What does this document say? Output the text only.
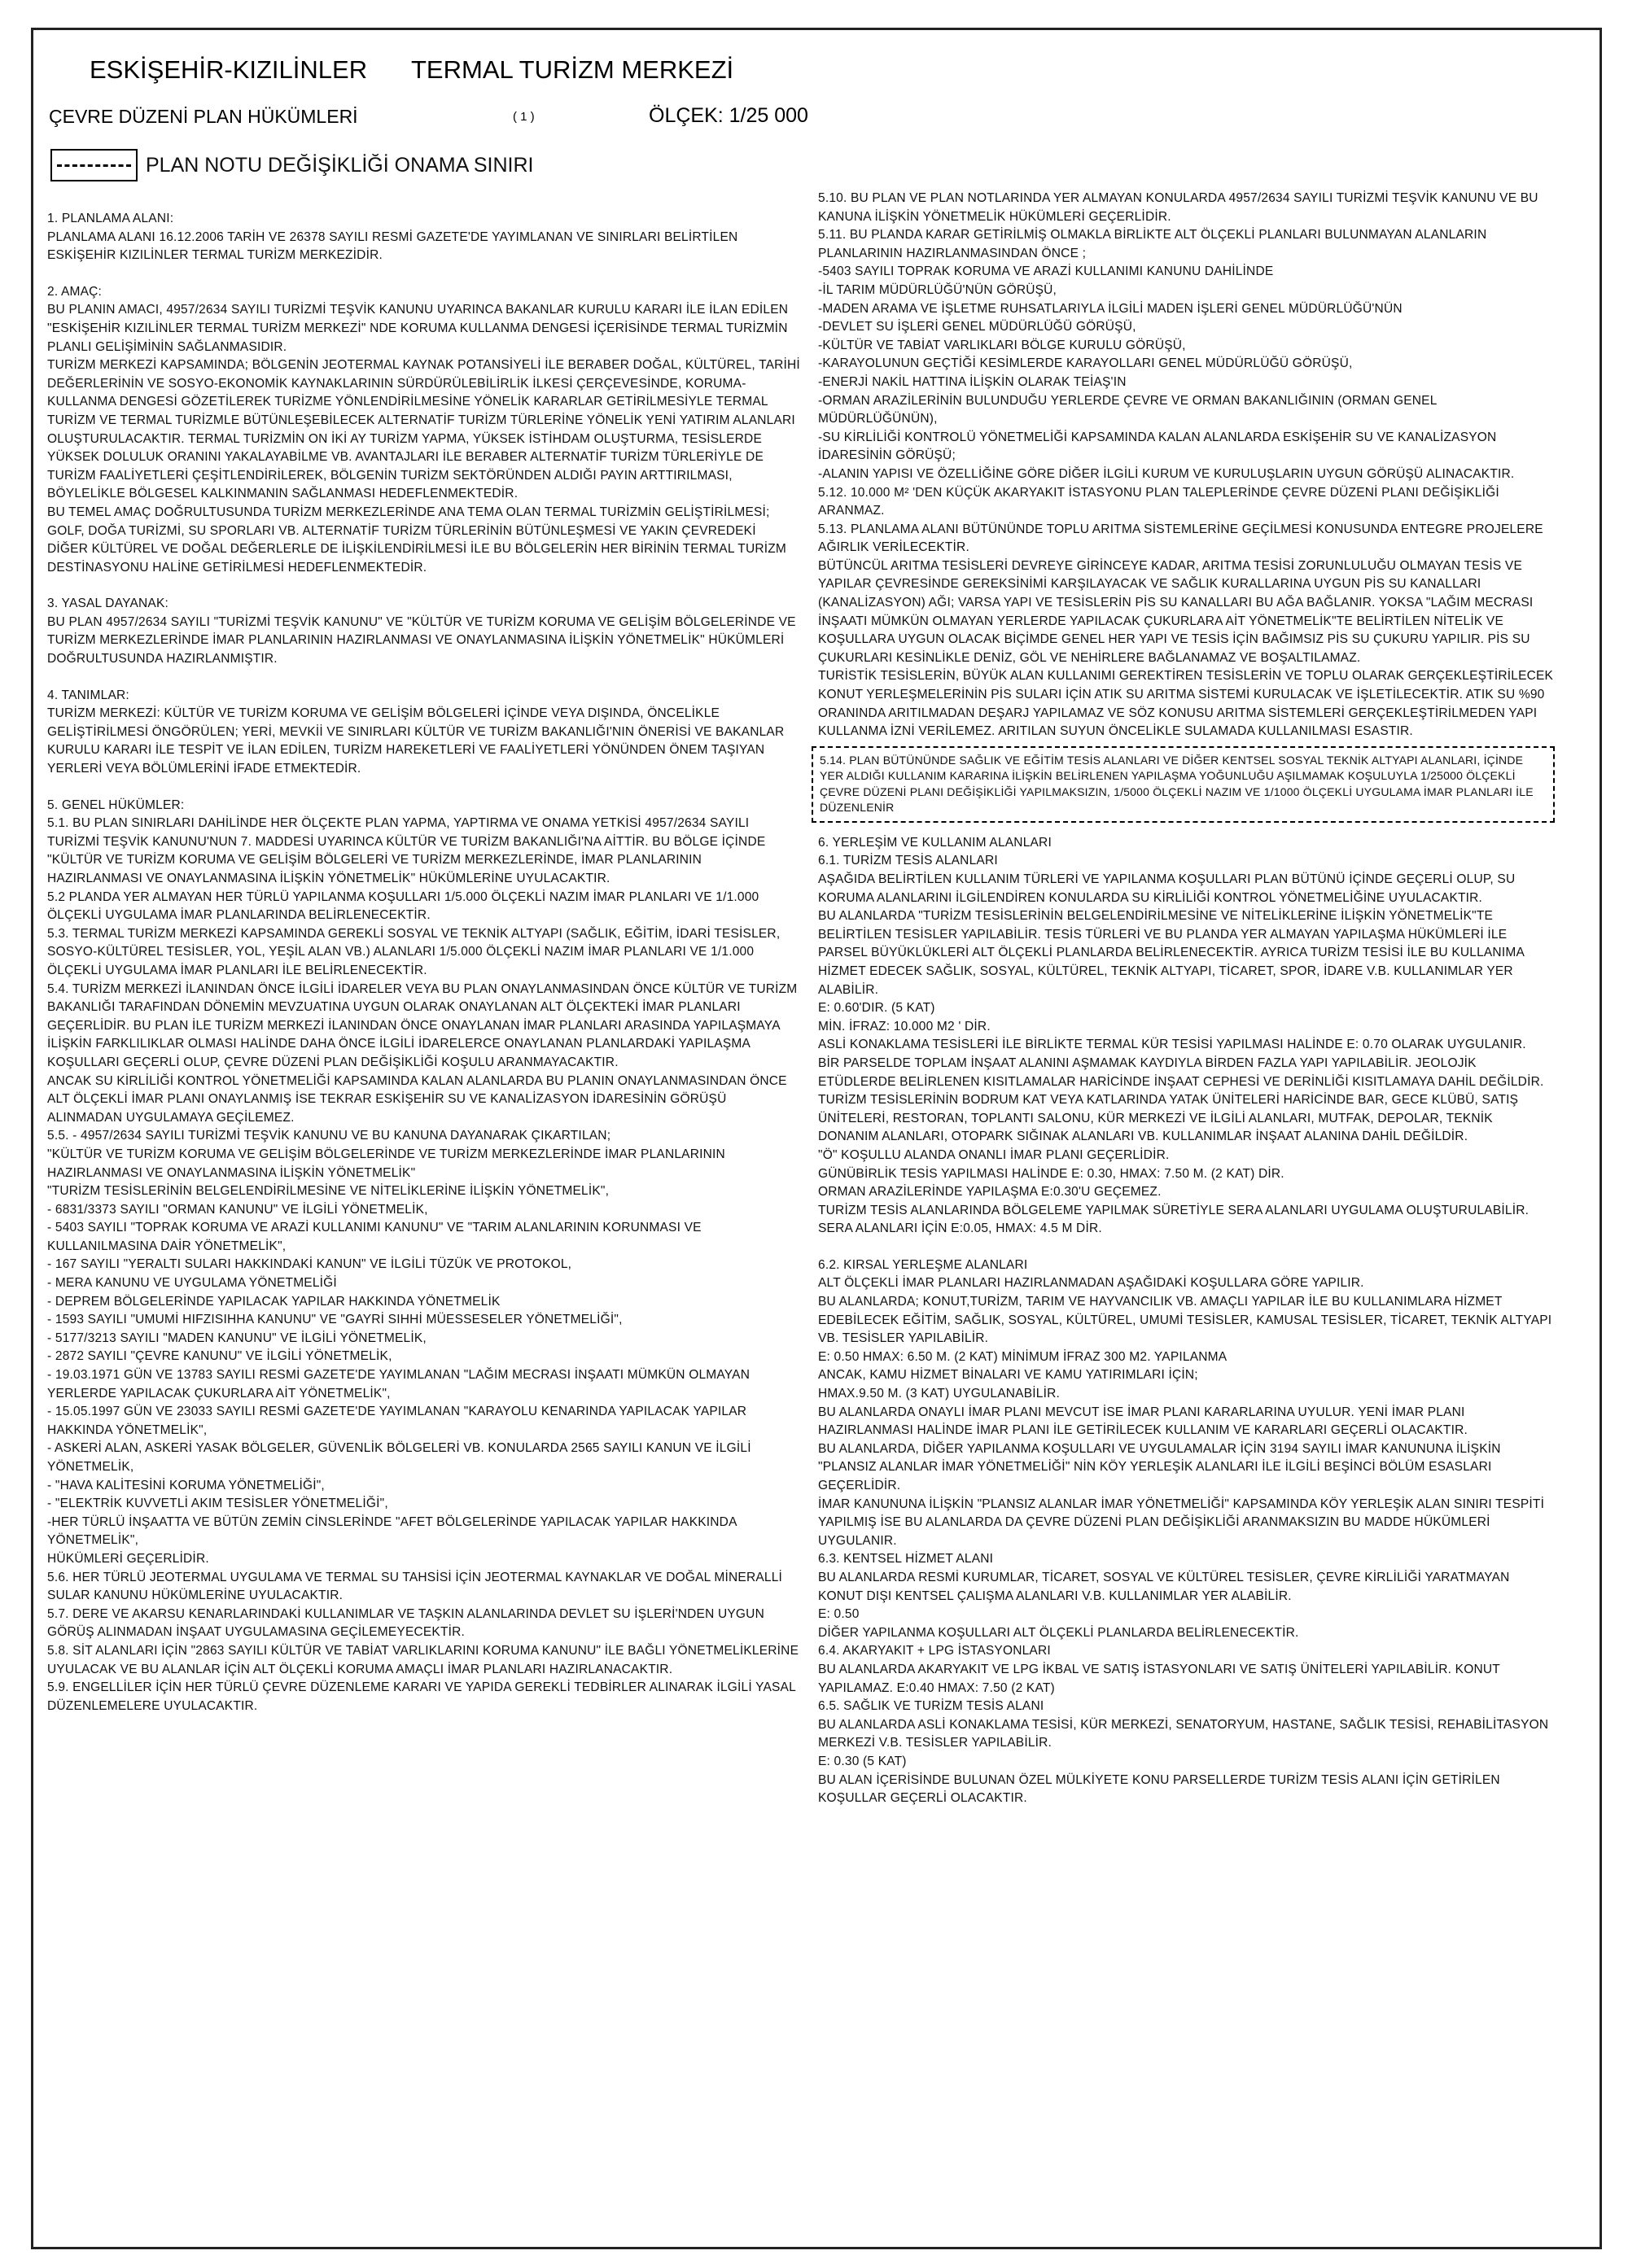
ESKİŞEHİR-KIZILİNLER TERMAL TURİZM MERKEZİ
ÇEVRE DÜZENİ PLAN HÜKÜMLERİ	( 1 )	ÖLÇEK: 1/25 000
PLAN NOTU DEĞİŞİKLİĞİ ONAMA SINIRI

1. PLANLAMA ALANI:

PLANLAMA ALANI 16.12.2006 TARİH VE 26378 SAYILI RESMİ GAZETE'DE YAYIMLANAN VE SINIRLARI BELİRTİLEN ESKİŞEHİR KIZILİNLER TERMAL TURİZM MERKEZİDİR.

2. AMAÇ:

BU PLANIN AMACI, 4957/2634 SAYILI TURİZMİ TEŞVİK KANUNU UYARINCA BAKANLAR KURULU KARARI İLE İLAN EDİLEN "ESKİŞEHİR KIZILİNLER TERMAL TURİZM MERKEZİ" NDE KORUMA KULLANMA DENGESİ İÇERİSİNDE TERMAL TURİZMİN PLANLI GELİŞİMİNİN SAĞLANMASIDIR.

TURİZM MERKEZİ KAPSAMINDA; BÖLGENİN JEOTERMAL KAYNAK POTANSİYELİ İLE BERABER DOĞAL, KÜLTÜREL, TARİHİ DEĞERLERİNİN VE SOSYO-EKONOMİK KAYNAKLARININ SÜRDÜRÜLEBİLİRLİK İLKESİ ÇERÇEVESİNDE, KORUMA-KULLANMA DENGESİ GÖZETİLEREK TURİZME YÖNLENDİRİLMESİNE YÖNELİK KARARLAR GETİRİLMESİYLE TERMAL TURİZM VE TERMAL TURİZMLE BÜTÜNLEŞEBİLECEK ALTERNATİF TURİZM TÜRLERİNE YÖNELİK YENİ YATIRIM ALANLARI OLUŞTURULACAKTIR. TERMAL TURİZMİN ON İKİ AY TURİZM YAPMA, YÜKSEK İSTİHDAM OLUŞTURMA, TESİSLERDE YÜKSEK DOLULUK ORANINI YAKALAYABİLME VB. AVANTAJLARI İLE BERABER ALTERNATİF TURİZM TÜRLERİYLE DE TURİZM FAALİYETLERİ ÇEŞİTLENDİRİLEREK, BÖLGENİN TURİZM SEKTÖRÜNDEN ALDIĞI PAYIN ARTTIRILMASI, BÖYLELİKLE BÖLGESEL KALKINMANIN SAĞLANMASI HEDEFLENMEKTEDİR.

BU TEMEL AMAÇ DOĞRULTUSUNDA TURİZM MERKEZLERİNDE ANA TEMA OLAN TERMAL TURİZMİN GELİŞTİRİLMESİ; GOLF, DOĞA TURİZMİ, SU SPORLARI VB. ALTERNATİF TURİZM TÜRLERİNİN BÜTÜNLEŞMESİ VE YAKIN ÇEVREDEKİ DİĞER KÜLTÜREL VE DOĞAL DEĞERLERLE DE İLİŞKİLENDİRİLMESİ İLE BU BÖLGELERİN HER BİRİNİN TERMAL TURİZM DESTİNASYONU HALİNE GETİRİLMESİ HEDEFLENMEKTEDİR.

3. YASAL DAYANAK:

BU PLAN 4957/2634 SAYILI "TURİZMİ TEŞVİK KANUNU" VE "KÜLTÜR VE TURİZM KORUMA VE GELİŞİM BÖLGELERİNDE VE TURİZM MERKEZLERİNDE İMAR PLANLARININ HAZIRLANMASI VE ONAYLANMASINA İLİŞKİN YÖNETMELİK" HÜKÜMLERİ DOĞRULTUSUNDA HAZIRLANMIŞTIR.

4. TANIMLAR:

TURİZM MERKEZİ: KÜLTÜR VE TURİZM KORUMA VE GELİŞİM BÖLGELERİ İÇİNDE VEYA DIŞINDA, ÖNCELİKLE GELİŞTİRİLMESİ ÖNGÖRÜLEN; YERİ, MEVKİİ VE SINIRLARI KÜLTÜR VE TURİZM BAKANLIĞI'NIN ÖNERİSİ VE BAKANLAR KURULU KARARI İLE TESPİT VE İLAN EDİLEN, TURİZM HAREKETLERİ VE FAALİYETLERİ YÖNÜNDEN ÖNEM TAŞIYAN YERLERİ VEYA BÖLÜMLERİNİ İFADE ETMEKTEDİR.

5. GENEL HÜKÜMLER:

5.1. BU PLAN SINIRLARI DAHİLİNDE HER ÖLÇEKTE PLAN YAPMA, YAPTIRMA VE ONAMA YETKİSİ 4957/2634 SAYILI TURİZMİ TEŞVİK KANUNU'NUN 7. MADDESİ UYARINCA KÜLTÜR VE TURİZM BAKANLIĞI'NA AİTTİR. BU BÖLGE İÇİNDE "KÜLTÜR VE TURİZM KORUMA VE GELİŞİM BÖLGELERİ VE TURİZM MERKEZLERİNDE, İMAR PLANLARININ HAZIRLANMASI VE ONAYLANMASINA İLİŞKİN YÖNETMELİK" HÜKÜMLERİNE UYULACAKTIR.

5.2 PLANDA YER ALMAYAN HER TÜRLÜ YAPILANMA KOŞULLARI 1/5.000 ÖLÇEKLİ NAZIM İMAR PLANLARI VE 1/1.000 ÖLÇEKLİ UYGULAMA İMAR PLANLARINDA BELİRLENECEKTİR.

5.3. TERMAL TURİZM MERKEZİ KAPSAMINDA GEREKLİ SOSYAL VE TEKNİK ALTYAPI (SAĞLIK, EĞİTİM, İDARİ TESİSLER, SOSYO-KÜLTÜREL TESİSLER, YOL, YEŞİL ALAN VB.) ALANLARI 1/5.000 ÖLÇEKLİ NAZIM İMAR PLANLARI VE 1/1.000 ÖLÇEKLİ UYGULAMA İMAR PLANLARI İLE BELİRLENECEKTİR.

5.4. TURİZM MERKEZİ İLANINDAN ÖNCE İLGİLİ İDARELER VEYA BU PLAN ONAYLANMASINDAN ÖNCE KÜLTÜR VE TURİZM BAKANLIĞI TARAFINDAN DÖNEMİN MEVZUATINA UYGUN OLARAK ONAYLANAN ALT ÖLÇEKTEKİ İMAR PLANLARI GEÇERLİDİR. BU PLAN İLE TURİZM MERKEZİ İLANINDAN ÖNCE ONAYLANAN İMAR PLANLARI ARASINDA YAPILAŞMAYA İLİŞKİN FARKLILIKLAR OLMASI HALİNDE DAHA ÖNCE İLGİLİ İDARELERCE ONAYLANAN PLANLARDAKİ YAPILAŞMA KOŞULLARI GEÇERLİ OLUP, ÇEVRE DÜZENİ PLAN DEĞİŞİKLİĞİ KOŞULU ARANMAYACAKTIR.

ANCAK SU KİRLİLİĞİ KONTROL YÖNETMELİĞİ KAPSAMINDA KALAN ALANLARDA BU PLANIN ONAYLANMASINDAN ÖNCE ALT ÖLÇEKLİ İMAR PLANI ONAYLANMIŞ İSE TEKRAR ESKİŞEHİR SU VE KANALİZASYON İDARESİNİN GÖRÜŞÜ ALINMADAN UYGULAMAYA GEÇİLEMEZ.

5.5. - 4957/2634 SAYILI TURİZMİ TEŞVİK KANUNU VE BU KANUNA DAYANARAK ÇIKARTILAN;

"KÜLTÜR VE TURİZM KORUMA VE GELİŞİM BÖLGELERİNDE VE TURİZM MERKEZLERİNDE İMAR PLANLARININ HAZIRLANMASI VE ONAYLANMASINA İLİŞKİN YÖNETMELİK"

"TURİZM TESİSLERİNİN BELGELENDİRİLMESİNE VE NİTELİKLERİNE İLİŞKİN YÖNETMELİK",

- 6831/3373 SAYILI "ORMAN KANUNU" VE İLGİLİ YÖNETMELİK,

- 5403 SAYILI "TOPRAK KORUMA VE ARAZİ KULLANIMI KANUNU" VE "TARIM ALANLARININ KORUNMASI VE KULLANILMASINA DAİR YÖNETMELİK",

- 167 SAYILI "YERALTI SULARI HAKKINDAKİ KANUN" VE İLGİLİ TÜZÜK VE PROTOKOL,

- MERA KANUNU VE UYGULAMA YÖNETMELİĞİ

- DEPREM BÖLGELERİNDE YAPILACAK YAPILAR HAKKINDA YÖNETMELİK

- 1593 SAYILI "UMUMİ HIFZISIHHA KANUNU" VE "GAYRİ SIHHİ MÜESSESELER YÖNETMELİĞİ",

- 5177/3213 SAYILI "MADEN KANUNU" VE İLGİLİ YÖNETMELİK,

- 2872 SAYILI "ÇEVRE KANUNU" VE İLGİLİ YÖNETMELİK,

- 19.03.1971 GÜN VE 13783 SAYILI RESMİ GAZETE'DE YAYIMLANAN "LAĞIM MECRASI İNŞAATI MÜMKÜN OLMAYAN YERLERDE YAPILACAK ÇUKURLARA AİT YÖNETMELİK",

- 15.05.1997 GÜN VE 23033 SAYILI RESMİ GAZETE'DE YAYIMLANAN "KARAYOLU KENARINDA YAPILACAK YAPILAR HAKKINDA YÖNETMELİK",

- ASKERİ ALAN, ASKERİ YASAK BÖLGELER, GÜVENLİK BÖLGELERİ VB. KONULARDA 2565 SAYILI KANUN VE İLGİLİ YÖNETMELİK,

- "HAVA KALİTESİNİ KORUMA YÖNETMELİĞİ",

- "ELEKTRİK KUVVETLİ AKIM TESİSLER YÖNETMELİĞİ",

-HER TÜRLÜ İNŞAATTA VE BÜTÜN ZEMİN CİNSLERİNDE "AFET BÖLGELERİNDE YAPILACAK YAPILAR HAKKINDA YÖNETMELİK",

HÜKÜMLERİ GEÇERLİDİR.

5.6. HER TÜRLÜ JEOTERMAL UYGULAMA VE TERMAL SU TAHSİSİ İÇİN JEOTERMAL KAYNAKLAR VE DOĞAL MİNERALLİ SULAR KANUNU HÜKÜMLERİNE UYULACAKTIR.

5.7. DERE VE AKARSU KENARLARINDAKİ KULLANIMLAR VE TAŞKIN ALANLARINDA DEVLET SU İŞLERİ'NDEN UYGUN GÖRÜŞ ALINMADAN İNŞAAT UYGULAMASINA GEÇİLEMEYECEKTİR.

5.8. SİT ALANLARI İÇİN "2863 SAYILI KÜLTÜR VE TABİAT VARLIKLARINI KORUMA KANUNU" İLE BAĞLI YÖNETMELİKLERİNE UYULACAK VE BU ALANLAR İÇİN ALT ÖLÇEKLİ KORUMA AMAÇLI İMAR PLANLARI HAZIRLANACAKTIR.

5.9. ENGELLİLER İÇİN HER TÜRLÜ ÇEVRE DÜZENLEME KARARI VE YAPIDA GEREKLİ TEDBİRLER ALINARAK İLGİLİ YASAL DÜZENLEMELERE UYULACAKTIR.

5.10. BU PLAN VE PLAN NOTLARINDA YER ALMAYAN KONULARDA 4957/2634 SAYILI TURİZMİ TEŞVİK KANUNU VE BU KANUNA İLİŞKİN YÖNETMELİK HÜKÜMLERİ GEÇERLİDİR.

5.11. BU PLANDA KARAR GETİRİLMİŞ OLMAKLA BİRLİKTE ALT ÖLÇEKLİ PLANLARI BULUNMAYAN ALANLARIN PLANLARININ HAZIRLANMASINDAN ÖNCE ;

-5403 SAYILI TOPRAK KORUMA VE ARAZİ KULLANIMI KANUNU DAHİLİNDE

-İL TARIM MÜDÜRLÜĞÜ'NÜN GÖRÜŞÜ,

-MADEN ARAMA VE İŞLETME RUHSATLARIYLA İLGİLİ MADEN İŞLERİ GENEL MÜDÜRLÜĞÜ'NÜN

-DEVLET SU İŞLERİ GENEL MÜDÜRLÜĞÜ GÖRÜŞÜ,

-KÜLTÜR VE TABİAT VARLIKLARI BÖLGE KURULU GÖRÜŞÜ,

-KARAYOLUNUN GEÇTİĞİ KESİMLERDE KARAYOLLARI GENEL MÜDÜRLÜĞÜ GÖRÜŞÜ,

-ENERJİ NAKİL HATTINA İLİŞKİN OLARAK TEİAŞ'IN

-ORMAN ARAZİLERİNİN BULUNDUĞU YERLERDE ÇEVRE VE ORMAN BAKANLIĞININ (ORMAN GENEL MÜDÜRLÜĞÜNÜN),

-SU KİRLİLİĞİ KONTROLÜ YÖNETMELİĞİ KAPSAMINDA KALAN ALANLARDA ESKİŞEHİR SU VE KANALİZASYON İDARESİNİN GÖRÜŞÜ;

-ALANIN YAPISI VE ÖZELLİĞİNE GÖRE DİĞER İLGİLİ KURUM VE KURULUŞLARIN UYGUN GÖRÜŞÜ ALINACAKTIR.

5.12. 10.000 M² 'DEN KÜÇÜK AKARYAKIT İSTASYONU PLAN TALEPLERİNDE ÇEVRE DÜZENİ PLANI DEĞİŞİKLİĞİ ARANMAZ.

5.13. PLANLAMA ALANI BÜTÜNÜNDE TOPLU ARITMA SİSTEMLERİNE GEÇİLMESİ KONUSUNDA ENTEGRE PROJELERE AĞIRLIK VERİLECEKTİR.

BÜTÜNCÜL ARITMA TESİSLERİ DEVREYE GİRİNCEYE KADAR, ARITMA TESİSİ ZORUNLULUĞU OLMAYAN TESİS VE YAPILAR ÇEVRESİNDE GEREKSİNİMİ KARŞILAYACAK VE SAĞLIK KURALLARINA UYGUN PİS SU KANALLARI (KANALİZASYON) AĞI; VARSA YAPI VE TESİSLERİN PİS SU KANALLARI BU AĞA BAĞLANIR. YOKSA "LAĞIM MECRASI İNŞAATI MÜMKÜN OLMAYAN YERLERDE YAPILACAK ÇUKURLARA AİT YÖNETMELİK"TE BELİRTİLEN NİTELİK VE KOŞULLARA UYGUN OLACAK BİÇİMDE GENEL HER YAPI VE TESİS İÇİN BAĞIMSIZ PİS SU ÇUKURU YAPILIR. PİS SU ÇUKURLARI KESİNLİKLE DENİZ, GÖL VE NEHİRLERE BAĞLANAMAZ VE BOŞALTILAMAZ.

TURİSTİK TESİSLERİN, BÜYÜK ALAN KULLANIMI GEREKTİREN TESİSLERİN VE TOPLU OLARAK GERÇEKLEŞTİRİLECEK KONUT YERLEŞMELERİNİN PİS SULARI İÇİN ATIK SU ARITMA SİSTEMİ KURULACAK VE İŞLETİLECEKTİR. ATIK SU %90 ORANINDA ARITILMADAN DEŞARJ YAPILAMAZ VE SÖZ KONUSU ARITMA SİSTEMLERİ GERÇEKLEŞTİRİLMEDEN YAPI KULLANMA İZNİ VERİLEMEZ. ARITILAN SUYUN ÖNCELİKLE SULAMADA KULLANILMASI ESASTIR.

5.14. PLAN BÜTÜNÜNDE SAĞLIK VE EĞİTİM TESİS ALANLARI VE DİĞER KENTSEL SOSYAL TEKNİK ALTYAPI ALANLARI, İÇİNDE YER ALDIĞI KULLANIM KARARINA İLİŞKİN BELİRLENEN YAPILAŞMA YOĞUNLUĞU AŞILMAMAK KOŞULUYLA 1/25000 ÖLÇEKLİ ÇEVRE DÜZENİ PLANI DEĞİŞİKLİĞİ YAPILMAKSIZIN, 1/5000 ÖLÇEKLİ NAZIM VE 1/1000 ÖLÇEKLİ UYGULAMA İMAR PLANLARI İLE DÜZENLENİR

6. YERLEŞİM VE KULLANIM ALANLARI

6.1. TURİZM TESİS ALANLARI

AŞAĞIDA BELİRTİLEN KULLANIM TÜRLERİ VE YAPILANMA KOŞULLARI PLAN BÜTÜNÜ İÇİNDE GEÇERLİ OLUP, SU KORUMA ALANLARINI İLGİLENDİREN KONULARDA SU KİRLİLİĞİ KONTROL YÖNETMELİĞİNE UYULACAKTIR.

BU ALANLARDA "TURİZM TESİSLERİNİN BELGELENDİRİLMESİNE VE NİTELİKLERİNE İLİŞKİN YÖNETMELİK"TE BELİRTİLEN TESİSLER YAPILABİLİR. TESİS TÜRLERİ VE BU PLANDA YER ALMAYAN YAPILAŞMA HÜKÜMLERİ İLE PARSEL BÜYÜKLÜKLERİ ALT ÖLÇEKLİ PLANLARDA BELİRLENECEKTİR. AYRICA TURİZM TESİSİ İLE BU KULLANIMA HİZMET EDECEK SAĞLIK, SOSYAL, KÜLTÜREL, TEKNİK ALTYAPI, TİCARET, SPOR, İDARE V.B. KULLANIMLAR YER ALABİLİR.

E: 0.60'DIR. (5 KAT)

MİN. İFRAZ: 10.000 M2 ' DİR.

ASLİ KONAKLAMA TESİSLERİ İLE BİRLİKTE TERMAL KÜR TESİSİ YAPILMASI HALİNDE E: 0.70 OLARAK UYGULANIR.

BİR PARSELDE TOPLAM İNŞAAT ALANINI AŞMAMAK KAYDIYLA BİRDEN FAZLA YAPI YAPILABİLİR. JEOLOJİK ETÜDLERDE BELİRLENEN KISITLAMALAR HARİCİNDE İNŞAAT CEPHESİ VE DERİNLİĞİ KISITLAMAYA DAHİL DEĞİLDİR.

TURİZM TESİSLERİNİN BODRUM KAT VEYA KATLARINDA YATAK ÜNİTELERİ HARİCİNDE BAR, GECE KLÜBÜ, SATIŞ ÜNİTELERİ, RESTORAN, TOPLANTI SALONU, KÜR MERKEZİ VE İLGİLİ ALANLARI, MUTFAK, DEPOLAR, TEKNİK DONANIM ALANLARI, OTOPARK SIĞINAK ALANLARI VB. KULLANIMLAR İNŞAAT ALANINA DAHİL DEĞİLDİR.

"Ö" KOŞULLU ALANDA ONANLI İMAR PLANI GEÇERLİDİR.

GÜNÜBİRLİK TESİS YAPILMASI HALİNDE E: 0.30, HMAX: 7.50 M. (2 KAT) DİR.

ORMAN ARAZİLERİNDE YAPILAŞMA E:0.30'U GEÇEMEZ.

TURİZM TESİS ALANLARINDA BÖLGELEME YAPILMAK SÜRETİYLE SERA ALANLARI UYGULAMA OLUŞTURULABİLİR. SERA ALANLARI İÇİN E:0.05, HMAX: 4.5 M DİR.

6.2. KIRSAL YERLEŞME ALANLARI

ALT ÖLÇEKLİ İMAR PLANLARI HAZIRLANMADAN AŞAĞIDAKİ KOŞULLARA GÖRE YAPILIR.

BU ALANLARDA; KONUT,TURİZM, TARIM VE HAYVANCILIK VB. AMAÇLI YAPILAR İLE BU KULLANIMLARA HİZMET EDEBİLECEK EĞİTİM, SAĞLIK, SOSYAL, KÜLTÜREL, UMUMİ TESİSLER, KAMUSAL TESİSLER, TİCARET, TEKNİK ALTYAPI VB. TESİSLER YAPILABİLİR.

E: 0.50 HMAX: 6.50 M. (2 KAT) MİNİMUM İFRAZ 300 M2. YAPILANMA

ANCAK, KAMU HİZMET BİNALARI VE KAMU YATIRIMLARI İÇİN;

HMAX.9.50 M. (3 KAT) UYGULANABİLİR.

BU ALANLARDA ONAYLI İMAR PLANI MEVCUT İSE İMAR PLANI KARARLARINA UYULUR. YENİ İMAR PLANI HAZIRLANMASI HALİNDE İMAR PLANI İLE GETİRİLECEK KULLANIM VE KARARLARI GEÇERLİ OLACAKTIR.

BU ALANLARDA, DİĞER YAPILANMA KOŞULLARI VE UYGULAMALAR İÇİN 3194 SAYILI İMAR KANUNUNA İLİŞKİN "PLANSIZ ALANLAR İMAR YÖNETMELİĞİ" NİN KÖY YERLEŞİK ALANLARI İLE İLGİLİ BEŞİNCİ BÖLÜM ESASLARI GEÇERLİDİR.

İMAR KANUNUNA İLİŞKİN "PLANSIZ ALANLAR İMAR YÖNETMELİĞİ" KAPSAMINDA KÖY YERLEŞİK ALAN SINIRI TESPİTİ YAPILMIŞ İSE BU ALANLARDA DA ÇEVRE DÜZENİ PLAN DEĞİŞİKLİĞİ ARANMAKSIZIN BU MADDE HÜKÜMLERİ UYGULANIR.

6.3. KENTSEL HİZMET ALANI

BU ALANLARDA RESMİ KURUMLAR, TİCARET, SOSYAL VE KÜLTÜREL TESİSLER, ÇEVRE KİRLİLİĞİ YARATMAYAN KONUT DIŞI KENTSEL ÇALIŞMA ALANLARI V.B. KULLANIMLAR YER ALABİLİR.

E: 0.50

DİĞER YAPILANMA KOŞULLARI ALT ÖLÇEKLİ PLANLARDA BELİRLENECEKTİR.

6.4. AKARYAKIT + LPG İSTASYONLARI

BU ALANLARDA AKARYAKIT VE LPG İKBAL VE SATIŞ İSTASYONLARI VE SATIŞ ÜNİTELERİ YAPILABİLİR. KONUT YAPILAMAZ. E:0.40 HMAX: 7.50 (2 KAT)

6.5. SAĞLIK VE TURİZM TESİS ALANI

BU ALANLARDA ASLİ KONAKLAMA TESİSİ, KÜR MERKEZİ, SENATORYUM, HASTANE, SAĞLIK TESİSİ, REHABİLİTASYON MERKEZİ V.B. TESİSLER YAPILABİLİR.

E: 0.30 (5 KAT)

BU ALAN İÇERİSİNDE BULUNAN ÖZEL MÜLKİYETE KONU PARSELLERDE TURİZM TESİS ALANI İÇİN GETİRİLEN KOŞULLAR GEÇERLİ OLACAKTIR.
